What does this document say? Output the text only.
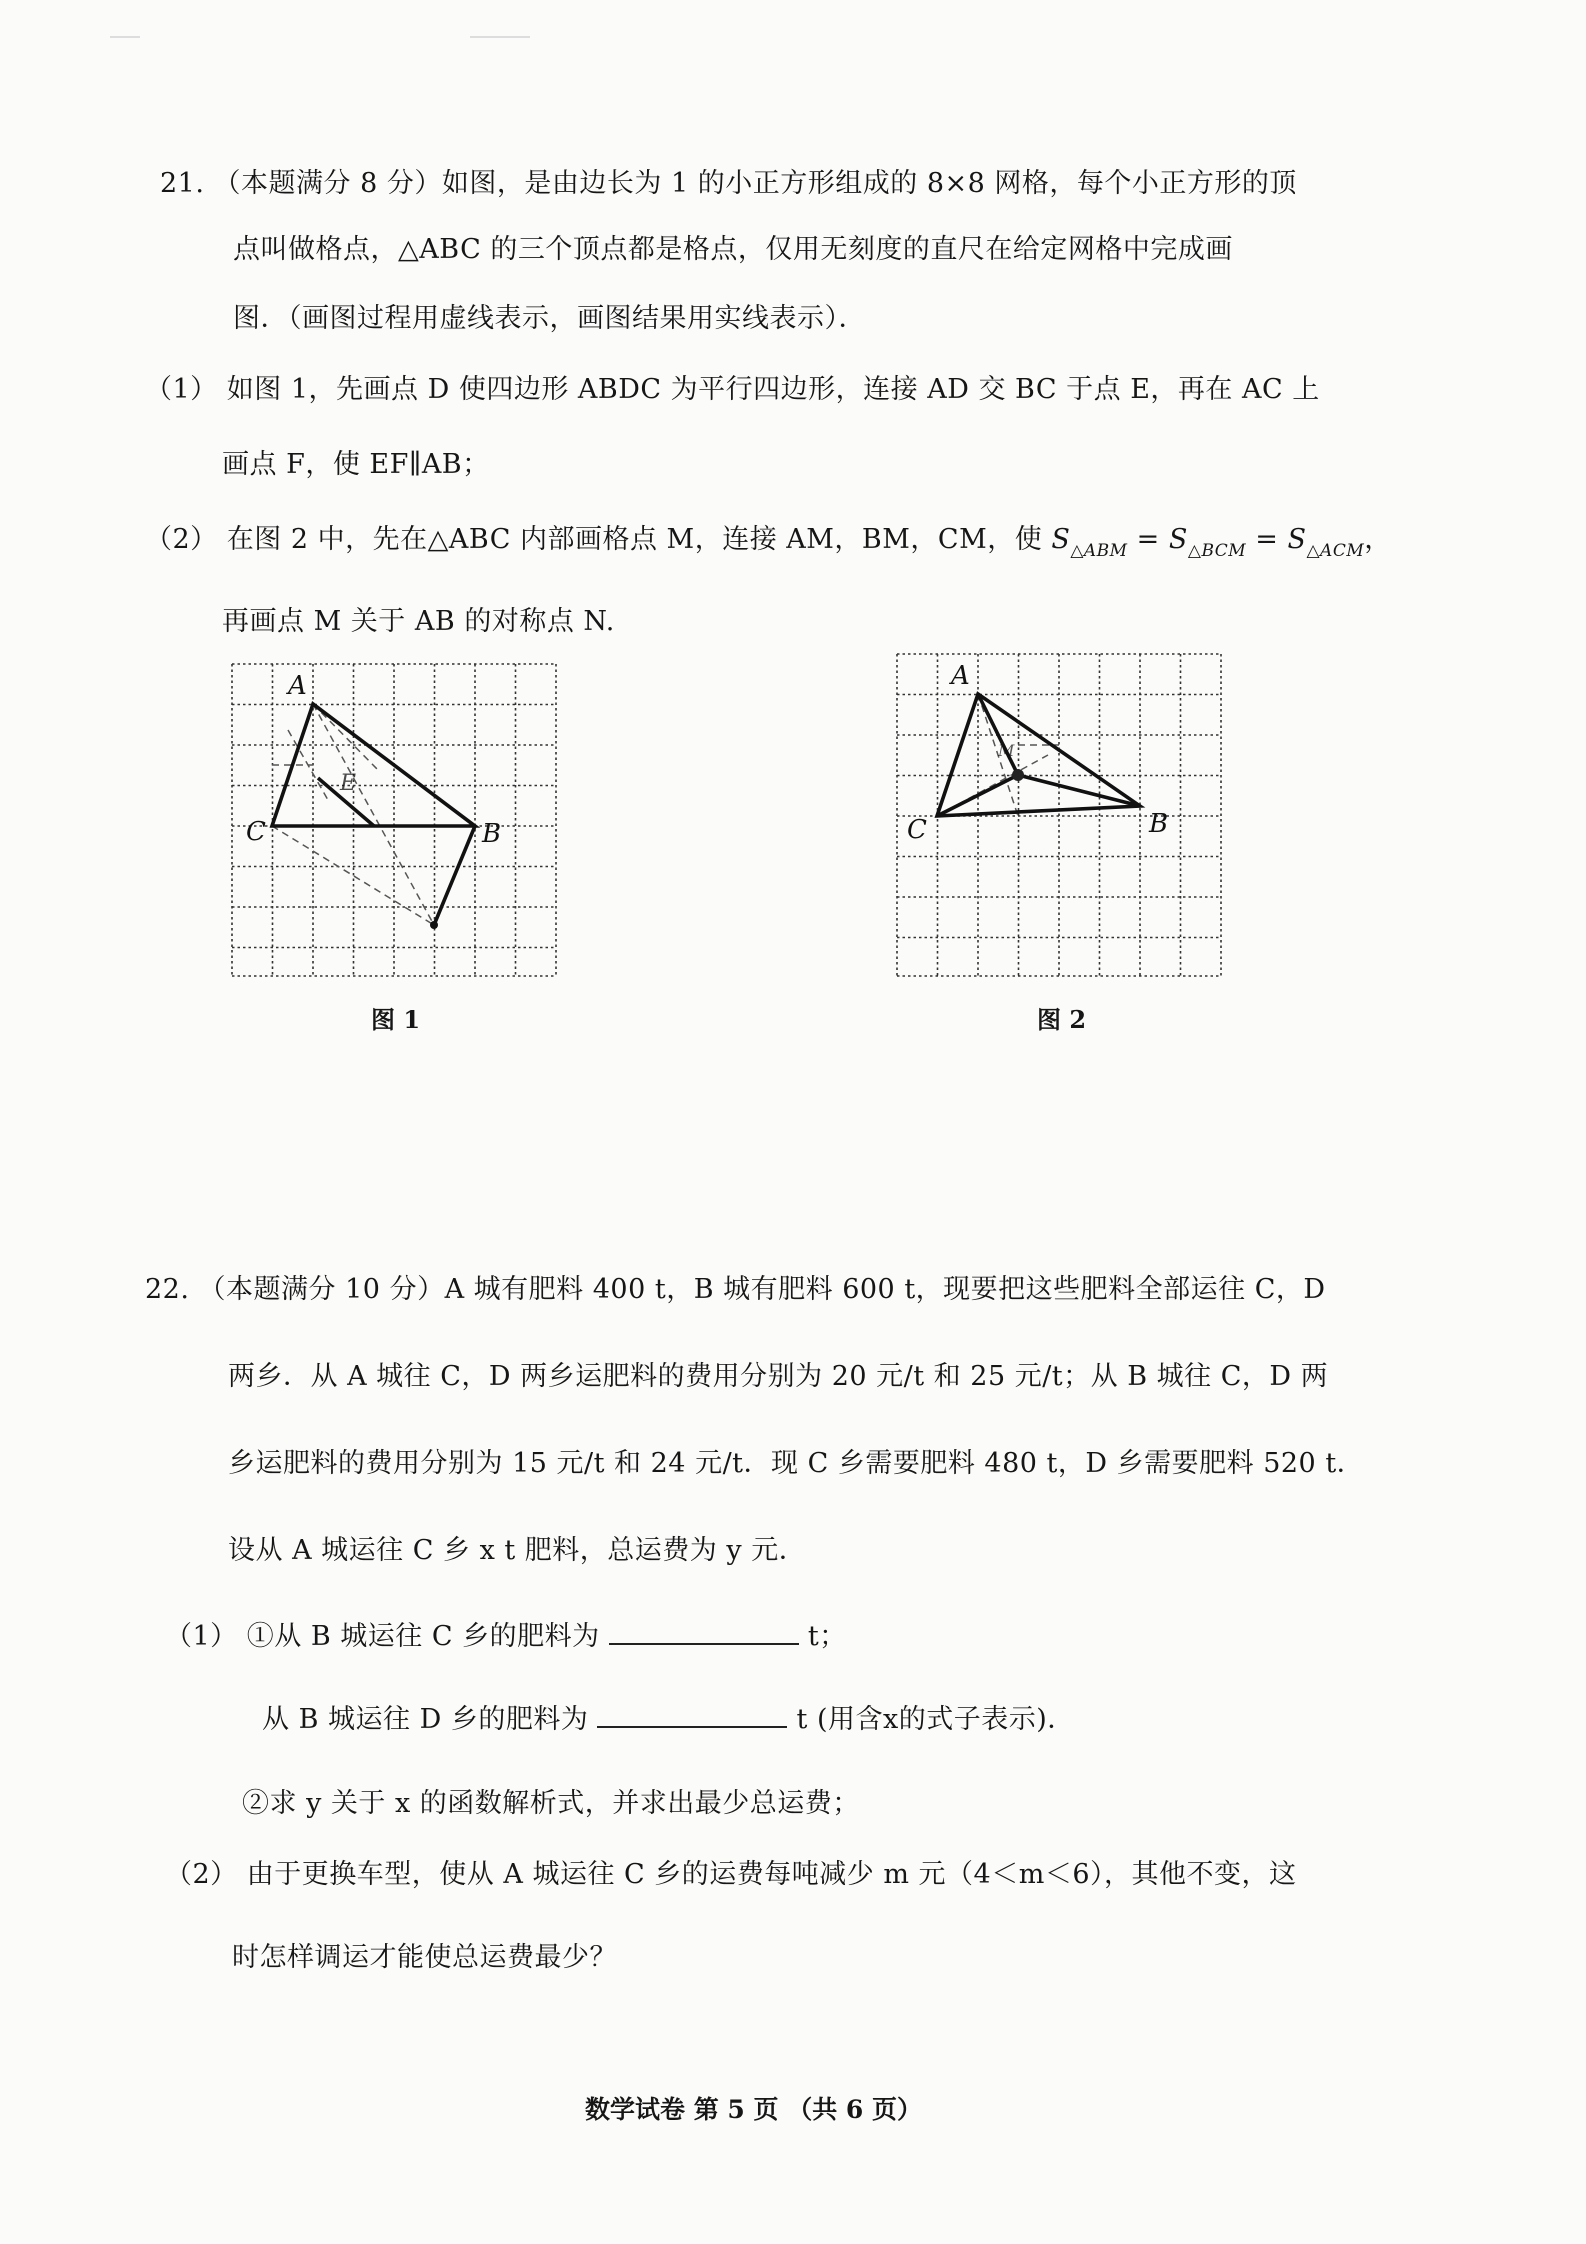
21. （本题满分 8 分）如图，是由边长为 1 的小正方形组成的 8×8 网格，每个小正方形的顶
点叫做格点，△ABC 的三个顶点都是格点，仅用无刻度的直尺在给定网格中完成画
图．（画图过程用虚线表示，画图结果用实线表示）．
（1） 如图 1，先画点 D 使四边形 ABDC 为平行四边形，连接 AD 交 BC 于点 E，再在 AC 上
画点 F，使 EF∥AB；
（2） 在图 2 中，先在△ABC 内部画格点 M，连接 AM，BM，CM，使 $S_{\triangle ABM} = S_{\triangle BCM} = S_{\triangle ACM}$，
再画点 M 关于 AB 的对称点 N.
A
C	B
E
图 1
A
C	B
M
图 2
22. （本题满分 10 分）A 城有肥料 400 t，B 城有肥料 600 t，现要把这些肥料全部运往 C，D
两乡．从 A 城往 C，D 两乡运肥料的费用分别为 20 元/t 和 25 元/t；从 B 城往 C，D 两
乡运肥料的费用分别为 15 元/t 和 24 元/t．现 C 乡需要肥料 480 t，D 乡需要肥料 520 t．
设从 A 城运往 C 乡 x t 肥料，总运费为 y 元．
（1） ①从 B 城运往 C 乡的肥料为	t；
从 B 城运往 D 乡的肥料为	t (用含x的式子表示)．
②求 y 关于 x 的函数解析式，并求出最少总运费；
（2） 由于更换车型，使从 A 城运往 C 乡的运费每吨减少 m 元（4＜m＜6），其他不变，这
时怎样调运才能使总运费最少？
数学试卷 第 5 页 （共 6 页）
